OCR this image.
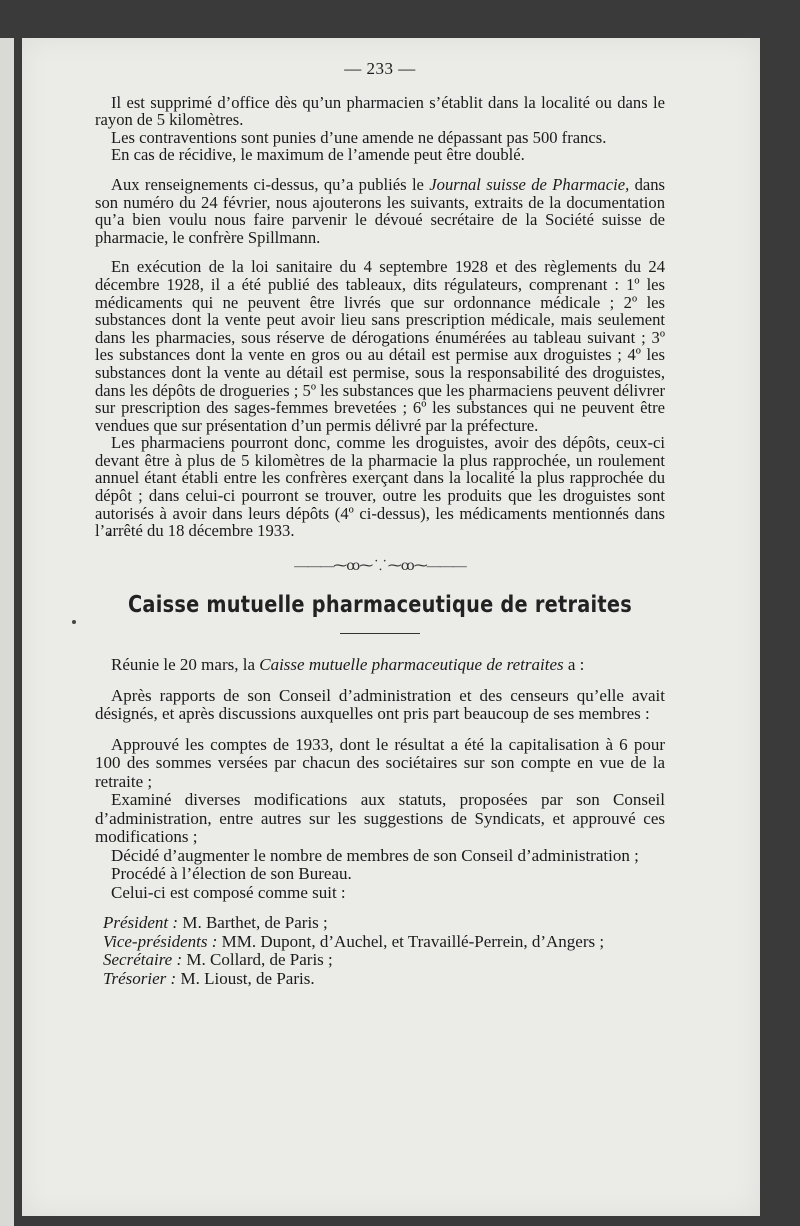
— 233 —

Il est supprimé d’office dès qu’un pharmacien s’établit dans la localité ou dans le rayon de 5 kilomètres.

Les contraventions sont punies d’une amende ne dépassant pas 500 francs.

En cas de récidive, le maximum de l’amende peut être doublé.

Aux renseignements ci-dessus, qu’a publiés le Journal suisse de Pharmacie, dans son numéro du 24 février, nous ajouterons les suivants, extraits de la documentation qu’a bien voulu nous faire parvenir le dévoué secrétaire de la Société suisse de pharmacie, le confrère Spillmann.

En exécution de la loi sanitaire du 4 septembre 1928 et des règlements du 24 décembre 1928, il a été publié des tableaux, dits régulateurs, comprenant : 1º les médicaments qui ne peuvent être livrés que sur ordonnance médicale ; 2º les substances dont la vente peut avoir lieu sans prescription médicale, mais seulement dans les pharmacies, sous réserve de dérogations énumérées au tableau suivant ; 3º les substances dont la vente en gros ou au détail est permise aux droguistes ; 4º les substances dont la vente au détail est permise, sous la responsabilité des droguistes, dans les dépôts de drogueries ; 5º les substances que les pharmaciens peuvent délivrer sur prescription des sages-femmes brevetées ; 6º les substances qui ne peuvent être vendues que sur présentation d’un permis délivré par la préfecture.

Les pharmaciens pourront donc, comme les droguistes, avoir des dépôts, ceux-ci devant être à plus de 5 kilomètres de la pharmacie la plus rapprochée, un roulement annuel étant établi entre les confrères exerçant dans la localité la plus rapprochée du dépôt ; dans celui-ci pourront se trouver, outre les produits que les droguistes sont autorisés à avoir dans leurs dépôts (4º ci-dessus), les médicaments mentionnés dans l’arrêté du 18 décembre 1933.

———⁓ꝏ⁓ ⸪ ⁓ꝏ⁓———
Caisse mutuelle pharmaceutique de retraites

Réunie le 20 mars, la Caisse mutuelle pharmaceutique de retraites a :

Après rapports de son Conseil d’administration et des censeurs qu’elle avait désignés, et après discussions auxquelles ont pris part beaucoup de ses membres :

Approuvé les comptes de 1933, dont le résultat a été la capitalisation à 6 pour 100 des sommes versées par chacun des sociétaires sur son compte en vue de la retraite ;

Examiné diverses modifications aux statuts, proposées par son Conseil d’administration, entre autres sur les suggestions de Syndicats, et approuvé ces modifications ;

Décidé d’augmenter le nombre de membres de son Conseil d’administration ;

Procédé à l’élection de son Bureau.

Celui-ci est composé comme suit :

Président : M. Barthet, de Paris ;

Vice-présidents : MM. Dupont, d’Auchel, et Travaillé-Perrein, d’Angers ;

Secrétaire : M. Collard, de Paris ;

Trésorier : M. Lioust, de Paris.
